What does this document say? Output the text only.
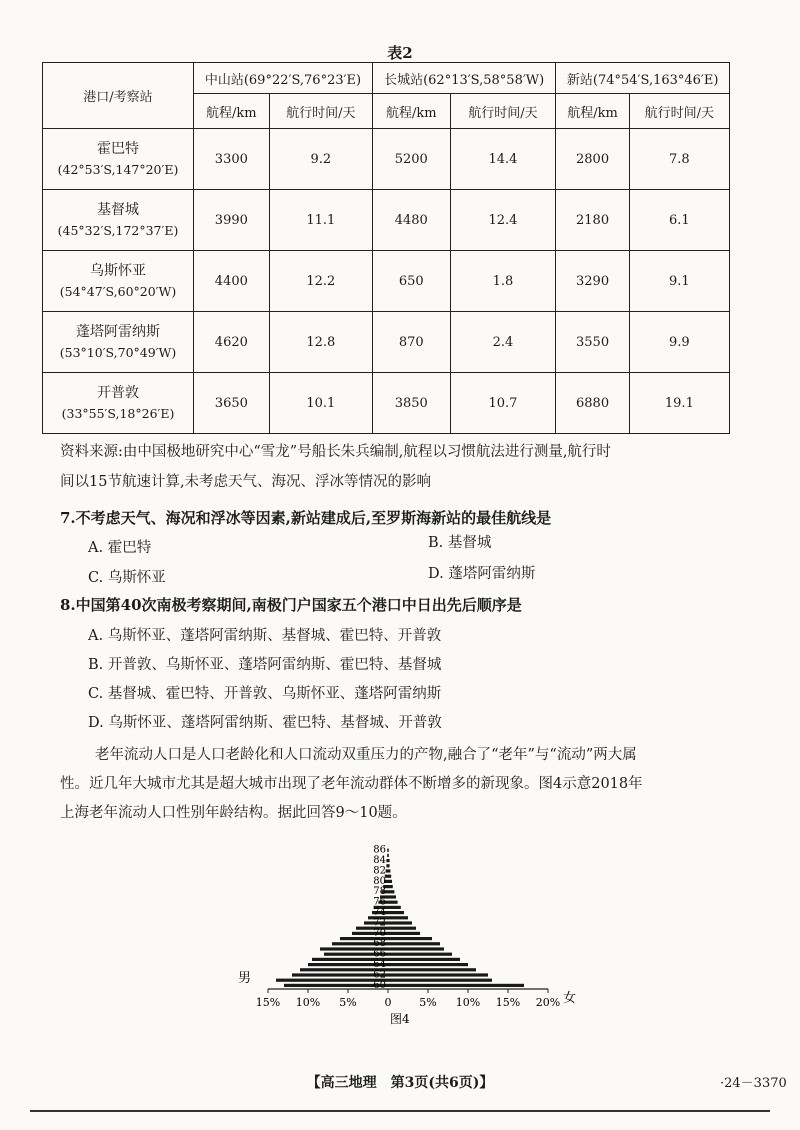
表2
港口/考察站	中山站(69°22′S,76°23′E)		长城站(62°13′S,58°58′W)		新站(74°54′S,163°46′E)	
	航程/km	航行时间/天	航程/km	航行时间/天	航程/km	航行时间/天

霍巴特
(42°53′S,147°20′E)	3300	9.2	5200	14.4	2800	7.8

基督城
(45°32′S,172°37′E)	3990	11.1	4480	12.4	2180	6.1

乌斯怀亚
(54°47′S,60°20′W)	4400	12.2	650	1.8	3290	9.1

蓬塔阿雷纳斯
(53°10′S,70°49′W)	4620	12.8	870	2.4	3550	9.9

开普敦
(33°55′S,18°26′E)	3650	10.1	3850	10.7	6880	19.1
资料来源:由中国极地研究中心“雪龙”号船长朱兵编制,航程以习惯航法进行测量,航行时
间以15节航速计算,未考虑天气、海况、浮冰等情况的影响
7.不考虑天气、海况和浮冰等因素,新站建成后,至罗斯海新站的最佳航线是
A. 霍巴特	B. 基督城
C. 乌斯怀亚	D. 蓬塔阿雷纳斯
8.中国第40次南极考察期间,南极门户国家五个港口中日出先后顺序是
A. 乌斯怀亚、蓬塔阿雷纳斯、基督城、霍巴特、开普敦
B. 开普敦、乌斯怀亚、蓬塔阿雷纳斯、霍巴特、基督城
C. 基督城、霍巴特、开普敦、乌斯怀亚、蓬塔阿雷纳斯
D. 乌斯怀亚、蓬塔阿雷纳斯、霍巴特、基督城、开普敦
老年流动人口是人口老龄化和人口流动双重压力的产物,融合了“老年”与“流动”两大属
性。近几年大城市尤其是超大城市出现了老年流动群体不断增多的新现象。图4示意2018年
上海老年流动人口性别年龄结构。据此回答9～10题。
60
62
64
66
68
70
72
74
76
78
80
82
84
86
15% 10% 5%	0	5% 10% 15% 20%
男
女
图4
【高三地理　第3页(共6页)】	·24－3370
